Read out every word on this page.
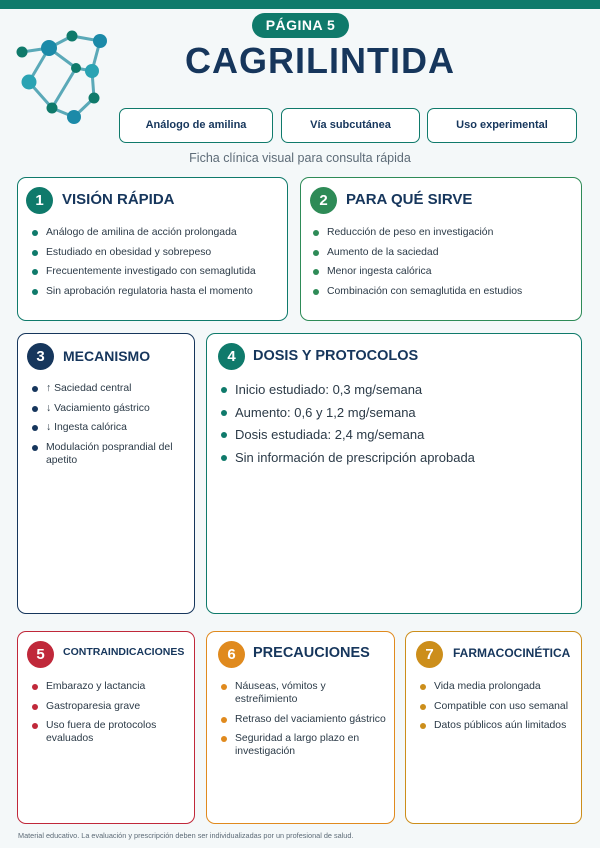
PÁGINA 5
CAGRILINTIDA
Análogo de amilina	Vía subcutánea	Uso experimental
Ficha clínica visual para consulta rápida
1	VISIÓN RÁPIDA
Análogo de amilina de acción prolongada
Estudiado en obesidad y sobrepeso
Frecuentemente investigado con semaglutida
Sin aprobación regulatoria hasta el momento
2	PARA QUÉ SIRVE
Reducción de peso en investigación
Aumento de la saciedad
Menor ingesta calórica
Combinación con semaglutida en estudios
3	MECANISMO
↑ Saciedad central
↓ Vaciamiento gástrico
↓ Ingesta calórica
Modulación posprandial del apetito
4	DOSIS Y PROTOCOLOS
Inicio estudiado: 0,3 mg/semana
Aumento: 0,6 y 1,2 mg/semana
Dosis estudiada: 2,4 mg/semana
Sin información de prescripción aprobada
5	CONTRAINDICACIONES
Embarazo y lactancia
Gastroparesia grave
Uso fuera de protocolos evaluados
6	PRECAUCIONES
Náuseas, vómitos y estreñimiento
Retraso del vaciamiento gástrico
Seguridad a largo plazo en investigación
7	FARMACOCINÉTICA
Vida media prolongada
Compatible con uso semanal
Datos públicos aún limitados
Material educativo. La evaluación y prescripción deben ser individualizadas por un profesional de salud.
